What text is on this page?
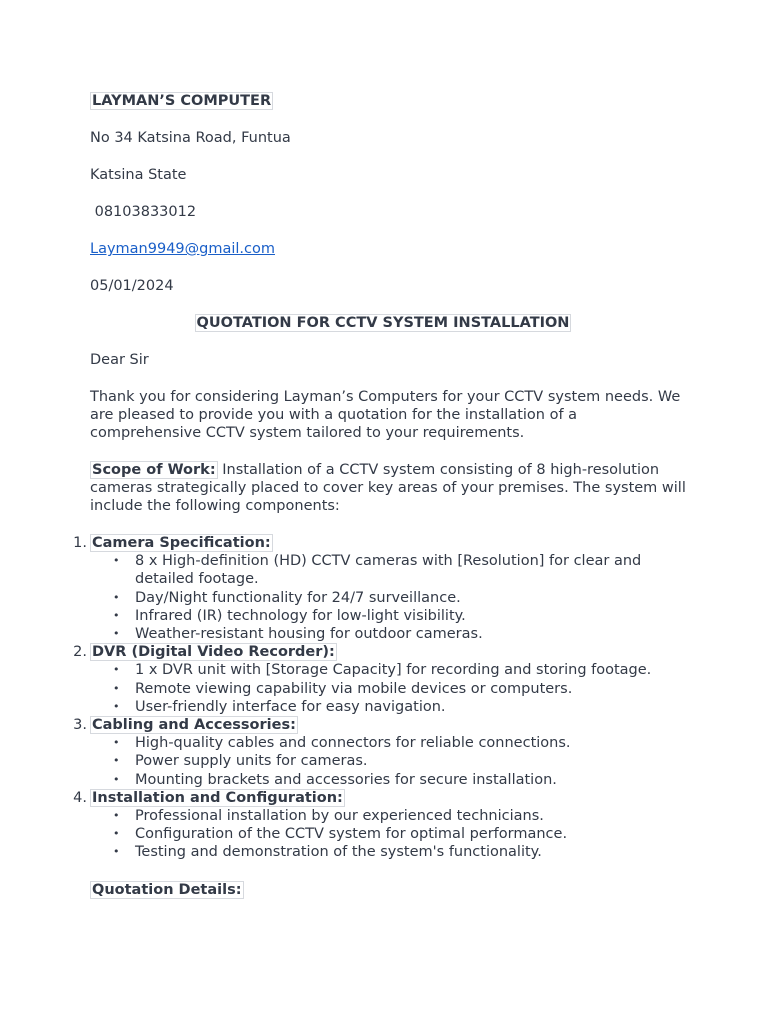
LAYMAN’S COMPUTER

No 34 Katsina Road, Funtua

Katsina State

08103833012

Layman9949@gmail.com

05/01/2024

QUOTATION FOR CCTV SYSTEM INSTALLATION

Dear Sir

Thank you for considering Layman’s Computers for your CCTV system needs. We are pleased to provide you with a quotation for the installation of a comprehensive CCTV system tailored to your requirements.

Scope of Work: Installation of a CCTV system consisting of 8 high-resolution cameras strategically placed to cover key areas of your premises. The system will include the following components:

1. Camera Specification:
• 8 x High-definition (HD) CCTV cameras with [Resolution] for clear and detailed footage.
• Day/Night functionality for 24/7 surveillance.
• Infrared (IR) technology for low-light visibility.
• Weather-resistant housing for outdoor cameras.
2. DVR (Digital Video Recorder):
• 1 x DVR unit with [Storage Capacity] for recording and storing footage.
• Remote viewing capability via mobile devices or computers.
• User-friendly interface for easy navigation.
3. Cabling and Accessories:
• High-quality cables and connectors for reliable connections.
• Power supply units for cameras.
• Mounting brackets and accessories for secure installation.
4. Installation and Configuration:
• Professional installation by our experienced technicians.
• Configuration of the CCTV system for optimal performance.
• Testing and demonstration of the system's functionality.

Quotation Details:
